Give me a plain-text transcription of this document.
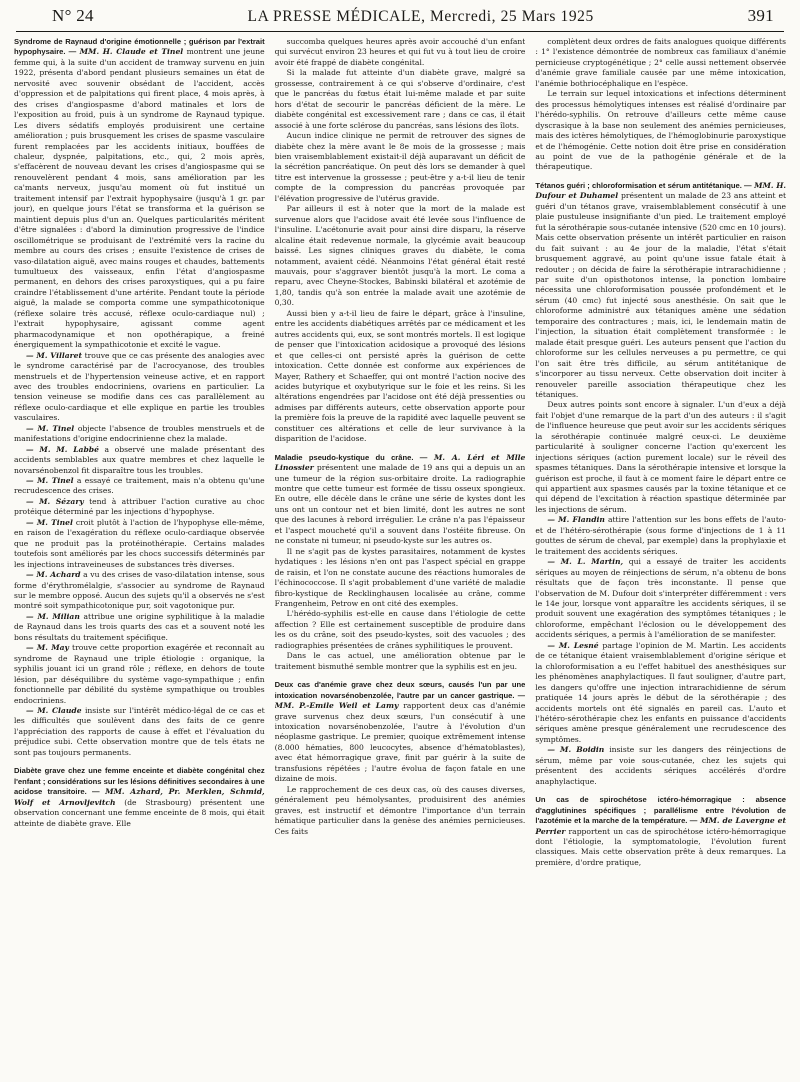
N° 24	LA PRESSE MÉDICALE, Mercredi, 25 Mars 1925	391

Syndrome de Raynaud d'origine émotionnelle ; guérison par l'extrait hypophysaire. — MM. H. Claude et Tinel montrent une jeune femme qui, à la suite d'un accident de tramway survenu en juin 1922, présenta d'abord pendant plusieurs semaines un état de nervosité avec souvenir obsédant de l'accident, accès d'oppression et de palpitations qui firent place, 4 mois après, à des crises d'angiospasme d'abord matinales et lors de l'exposition au froid, puis à un syndrome de Raynaud typique. Les divers sédatifs employés produisirent une certaine amélioration ; puis brusquement les crises de spasme vasculaire furent remplacées par les accidents initiaux, bouffées de chaleur, dyspnée, palpitations, etc., qui, 2 mois après, s'effacèrent de nouveau devant les crises d'angiospasme qui se renouvelèrent pendant 4 mois, sans amélioration par les ca'mants nerveux, jusqu'au moment où fut institué un traitement intensif par l'extrait hypophysaire (jusqu'à 1 gr. par jour), en quelque jours l'état se transforma et la guérison se maintient depuis plus d'un an. Quelques particularités méritent d'être signalées : d'abord la diminution progressive de l'indice oscillométrique se produisant de l'extrémité vers la racine du membre au cours des crises ; ensuite l'existence de crises de vaso-dilatation aiguë, avec mains rouges et chaudes, battements tumultueux des vaisseaux, enfin l'état d'angiospasme permanent, en dehors des crises paroxystiques, qui a pu faire craindre l'établissement d'une artérite. Pendant toute la période aiguë, la malade se comporta comme une sympathicotonique (réflexe solaire très accusé, réflexe oculo-cardiaque nul) ; l'extrait hypophysaire, agissant comme agent pharmacodynamique et non opothérapique, a freiné énergiquement la sympathicotonie et excité le vague.

— M. Villaret trouve que ce cas présente des analogies avec le syndrome caractérisé par de l'acrocyanose, des troubles menstruels et de l'hypertension veineuse active, et en rapport avec des troubles endocriniens, ovariens en particulier. La tension veineuse se modifie dans ces cas parallèlement au réflexe oculo-cardiaque et elle explique en partie les troubles vasculaires.

— M. Tinel objecte l'absence de troubles menstruels et de manifestations d'origine endocrinienne chez la malade.

— M. M. Labbé a observé une malade présentant des accidents semblables aux quatre membres et chez laquelle le novarsénobenzol fit disparaître tous les troubles.

— M. Tinel a essayé ce traitement, mais n'a obtenu qu'une recrudescence des crises.

— M. Sézary tend à attribuer l'action curative au choc protéique déterminé par les injections d'hypophyse.

— M. Tinel croit plutôt à l'action de l'hypophyse elle-même, en raison de l'exagération du réflexe oculo-cardiaque observée que ne produit pas la protéinothérapie. Certains malades toutefois sont améliorés par les chocs successifs déterminés par les injections intraveineuses de substances très diverses.

— M. Achard a vu des crises de vaso-dilatation intense, sous forme d'érythromélalgie, s'associer au syndrome de Raynaud sur le membre opposé. Aucun des sujets qu'il a observés ne s'est montré soit sympathicotonique pur, soit vagotonique pur.

— M. Milian attribue une origine syphilitique à la maladie de Raynaud dans les trois quarts des cas et a souvent noté les bons résultats du traitement spécifique.

— M. May trouve cette proportion exagérée et reconnaît au syndrome de Raynaud une triple étiologie : organique, la syphilis jouant ici un grand rôle ; réflexe, en dehors de toute lésion, par déséquilibre du système vago-sympathique ; enfin fonctionnelle par débilité du système sympathique ou troubles endocriniens.

— M. Claude insiste sur l'intérêt médico-légal de ce cas et les difficultés que soulèvent dans des faits de ce genre l'appréciation des rapports de cause à effet et l'évaluation du préjudice subi. Cette observation montre que de tels états ne sont pas toujours permanents.

Diabète grave chez une femme enceinte et diabète congénital chez l'enfant ; considérations sur les lésions définitives secondaires à une acidose transitoire. — MM. Azhard, Pr. Merklen, Schmid, Wolf et Arnovljevitch (de Strasbourg) présentent une observation concernant une femme enceinte de 8 mois, qui était atteinte de diabète grave. Elle

succomba quelques heures après avoir accouché d'un enfant qui survécut environ 23 heures et qui fut vu à tout lieu de croire avoir été frappé de diabète congénital.

Si la malade fut atteinte d'un diabète grave, malgré sa grossesse, contrairement à ce qui s'observe d'ordinaire, c'est que le pancréas du fœtus était lui-même malade et par suite hors d'état de secourir le pancréas déficient de la mère. Le diabète congénital est excessivement rare ; dans ce cas, il était associé à une forte sclérose du pancréas, sans lésions des îlots.

Aucun indice clinique ne permit de retrouver des signes de diabète chez la mère avant le 8e mois de la grossesse ; mais bien vraisemblablement existait-il déjà auparavant un déficit de la sécrétion pancréatique. On peut dès lors se demander à quel titre est intervenue la grossesse ; peut-être y a-t-il lieu de tenir compte de la compression du pancréas provoquée par l'élévation progressive de l'utérus gravide.

Par ailleurs il est à noter que la mort de la malade est survenue alors que l'acidose avait été levée sous l'influence de l'insuline. L'acétonurie avait pour ainsi dire disparu, la réserve alcaline était redevenue normale, la glycémie avait beaucoup baissé. Les signes cliniques graves du diabète, le coma notamment, avaient cédé. Néanmoins l'état général était resté mauvais, pour s'aggraver bientôt jusqu'à la mort. Le coma a reparu, avec Cheyne-Stockes, Babinski bilatéral et azotémie de 1,80, tandis qu'à son entrée la malade avait une azotémie de 0,30.

Aussi bien y a-t-il lieu de faire le départ, grâce à l'insuline, entre les accidents diabétiques arrêtés par ce médicament et les autres accidents qui, eux, se sont montrés mortels. Il est logique de penser que l'intoxication acidosique a provoqué des lésions et que celles-ci ont persisté après la guérison de cette intoxication. Cette donnée est conforme aux expériences de Mayer, Rathery et Schaeffer, qui ont montré l'action nocive des acides butyrique et oxybutyrique sur le foie et les reins. Si les altérations engendrées par l'acidose ont été déjà pressenties ou admises par différents auteurs, cette observation apporte pour la première fois la preuve de la rapidité avec laquelle peuvent se constituer ces altérations et celle de leur survivance à la disparition de l'acidose.

Maladie pseudo-kystique du crâne. — M. A. Léri et Mlle Linossier présentent une malade de 19 ans qui a depuis un an une tumeur de la région sus-orbitaire droite. La radiographie montre que cette tumeur est formée de tissu osseux spongieux. En outre, elle décèle dans le crâne une série de kystes dont les uns ont un contour net et bien limité, dont les autres ne sont que des lacunes à rebord irrégulier. Le crâne n'a pas l'épaisseur et l'aspect moucheté qu'il a souvent dans l'ostéite fibreuse. On ne constate ni tumeur, ni pseudo-kyste sur les autres os.

Il ne s'agit pas de kystes parasitaires, notamment de kystes hydatiques : les lésions n'en ont pas l'aspect spécial en grappe de raisin, et l'on ne constate aucune des réactions humorales de l'échinococcose. Il s'agit probablement d'une variété de maladie fibro-kystique de Recklinghausen localisée au crâne, comme Frangenheim, Petrow en ont cité des exemples.

L'hérédo-syphilis est-elle en cause dans l'étiologie de cette affection ? Elle est certainement susceptible de produire dans les os du crâne, soit des pseudo-kystes, soit des vacuoles ; des radiographies présentées de crânes syphilitiques le prouvent.

Dans le cas actuel, une amélioration obtenue par le traitement bismuthé semble montrer que la syphilis est en jeu.

Deux cas d'anémie grave chez deux sœurs, causés l'un par une intoxication novarsénobenzolée, l'autre par un cancer gastrique. — MM. P.-Emile Weil et Lamy rapportent deux cas d'anémie grave survenus chez deux sœurs, l'un consécutif à une intoxication novarsénobenzolée, l'autre à l'évolution d'un néoplasme gastrique. Le premier, quoique extrêmement intense (8.000 hématies, 800 leucocytes, absence d'hématoblastes), avec état hémorragique grave, finit par guérir à la suite de transfusions répétées ; l'autre évolua de façon fatale en une dizaine de mois.

Le rapprochement de ces deux cas, où des causes diverses, généralement peu hémolysantes, produisirent des anémies graves, est instructif et démontre l'importance d'un terrain hématique particulier dans la genèse des anémies pernicieuses. Ces faits

complètent deux ordres de faits analogues quoique différents : 1° l'existence démontrée de nombreux cas familiaux d'anémie pernicieuse cryptogénétique ; 2° celle aussi nettement observée d'anémie grave familiale causée par une même intoxication, l'anémie bothriocéphalique en l'espèce.

Le terrain sur lequel intoxications et infections déterminent des processus hémolytiques intenses est réalisé d'ordinaire par l'hérédo-syphilis. On retrouve d'ailleurs cette même cause dyscrasique à la base non seulement des anémies pernicieuses, mais des ictères hémolytiques, de l'hémoglobinurie paroxystique et de l'hémogénie. Cette notion doit être prise en considération au point de vue de la pathogénie générale et de la thérapeutique.

Tétanos guéri ; chloroformisation et sérum antitétanique. — MM. H. Dufour et Duhamel présentent un malade de 23 ans atteint et guéri d'un tétanos grave, vraisemblablement consécutif à une plaie pustuleuse insignifiante d'un pied. Le traitement employé fut la sérothérapie sous-cutanée intensive (520 cmc en 10 jours). Mais cette observation présente un intérêt particulier en raison du fait suivant : au 4e jour de la maladie, l'état s'était brusquement aggravé, au point qu'une issue fatale était à redouter ; on décida de faire la sérothérapie intrarachidienne ; par suite d'un opisthotonos intense, la ponction lombaire nécessita une chloroformisation poussée profondément et le sérum (40 cmc) fut injecté sous anesthésie. On sait que le chloroforme administré aux tétaniques amène une sédation temporaire des contractures ; mais, ici, le lendemain matin de l'injection, la situation était complètement transformée : le malade était presque guéri. Les auteurs pensent que l'action du chloroforme sur les cellules nerveuses a pu permettre, ce qui l'on sait être très difficile, au sérum antitétanique de s'incorporer au tissu nerveux. Cette observation doit inciter à renouveler pareille association thérapeutique chez les tétaniques.

Deux autres points sont encore à signaler. L'un d'eux a déjà fait l'objet d'une remarque de la part d'un des auteurs : il s'agit de l'influence heureuse que peut avoir sur les accidents sériques la sérothérapie continuée malgré ceux-ci. Le deuxième particularité à souligner concerne l'action qu'exercent les injections sériques (action purement locale) sur le réveil des spasmes tétaniques. Dans la sérothérapie intensive et lorsque la guérison est proche, il faut à ce moment faire le départ entre ce qui appartient aux spasmes causés par la toxine tétanique et ce qui dépend de l'excitation à réaction spastique déterminée par les injections de sérum.

— M. Flandin attire l'attention sur les bons effets de l'auto- et de l'hétéro-sérothérapie (sous forme d'injections de 1 à 11 gouttes de sérum de cheval, par exemple) dans la prophylaxie et le traitement des accidents sériques.

— M. L. Martin, qui a essayé de traiter les accidents sériques au moyen de réinjections de sérum, n'a obtenu de bons résultats que de façon très inconstante. Il pense que l'observation de M. Dufour doit s'interpréter différemment : vers le 14e jour, lorsque vont apparaître les accidents sériques, il se produit souvent une exagération des symptômes tétaniques ; le chloroforme, empêchant l'éclosion ou le développement des accidents sériques, a permis à l'amélioration de se manifester.

— M. Lesné partage l'opinion de M. Martin. Les accidents de ce tétanique étaient vraisemblablement d'origine sérique et la chloroformisation a eu l'effet habituel des anesthésiques sur les phénomènes anaphylactiques. Il faut souligner, d'autre part, les dangers qu'offre une injection intrarachidienne de sérum pratiquée 14 jours après le début de la sérothérapie ; des accidents mortels ont été signalés en pareil cas. L'auto et l'hétéro-sérothérapie chez les enfants en puissance d'accidents sériques amène presque généralement une recrudescence des symptômes.

— M. Boidin insiste sur les dangers des réinjections de sérum, même par voie sous-cutanée, chez les sujets qui présentent des accidents sériques accélérés d'ordre anaphylactique.

Un cas de spirochétose ictéro-hémorragique : absence d'agglutinines spécifiques ; parallélisme entre l'évolution de l'azotémie et la marche de la température. — MM. de Lavergne et Perrier rapportent un cas de spirochétose ictéro-hémorragique dont l'étiologie, la symptomatologie, l'évolution furent classiques. Mais cette observation prête à deux remarques. La première, d'ordre pratique,
